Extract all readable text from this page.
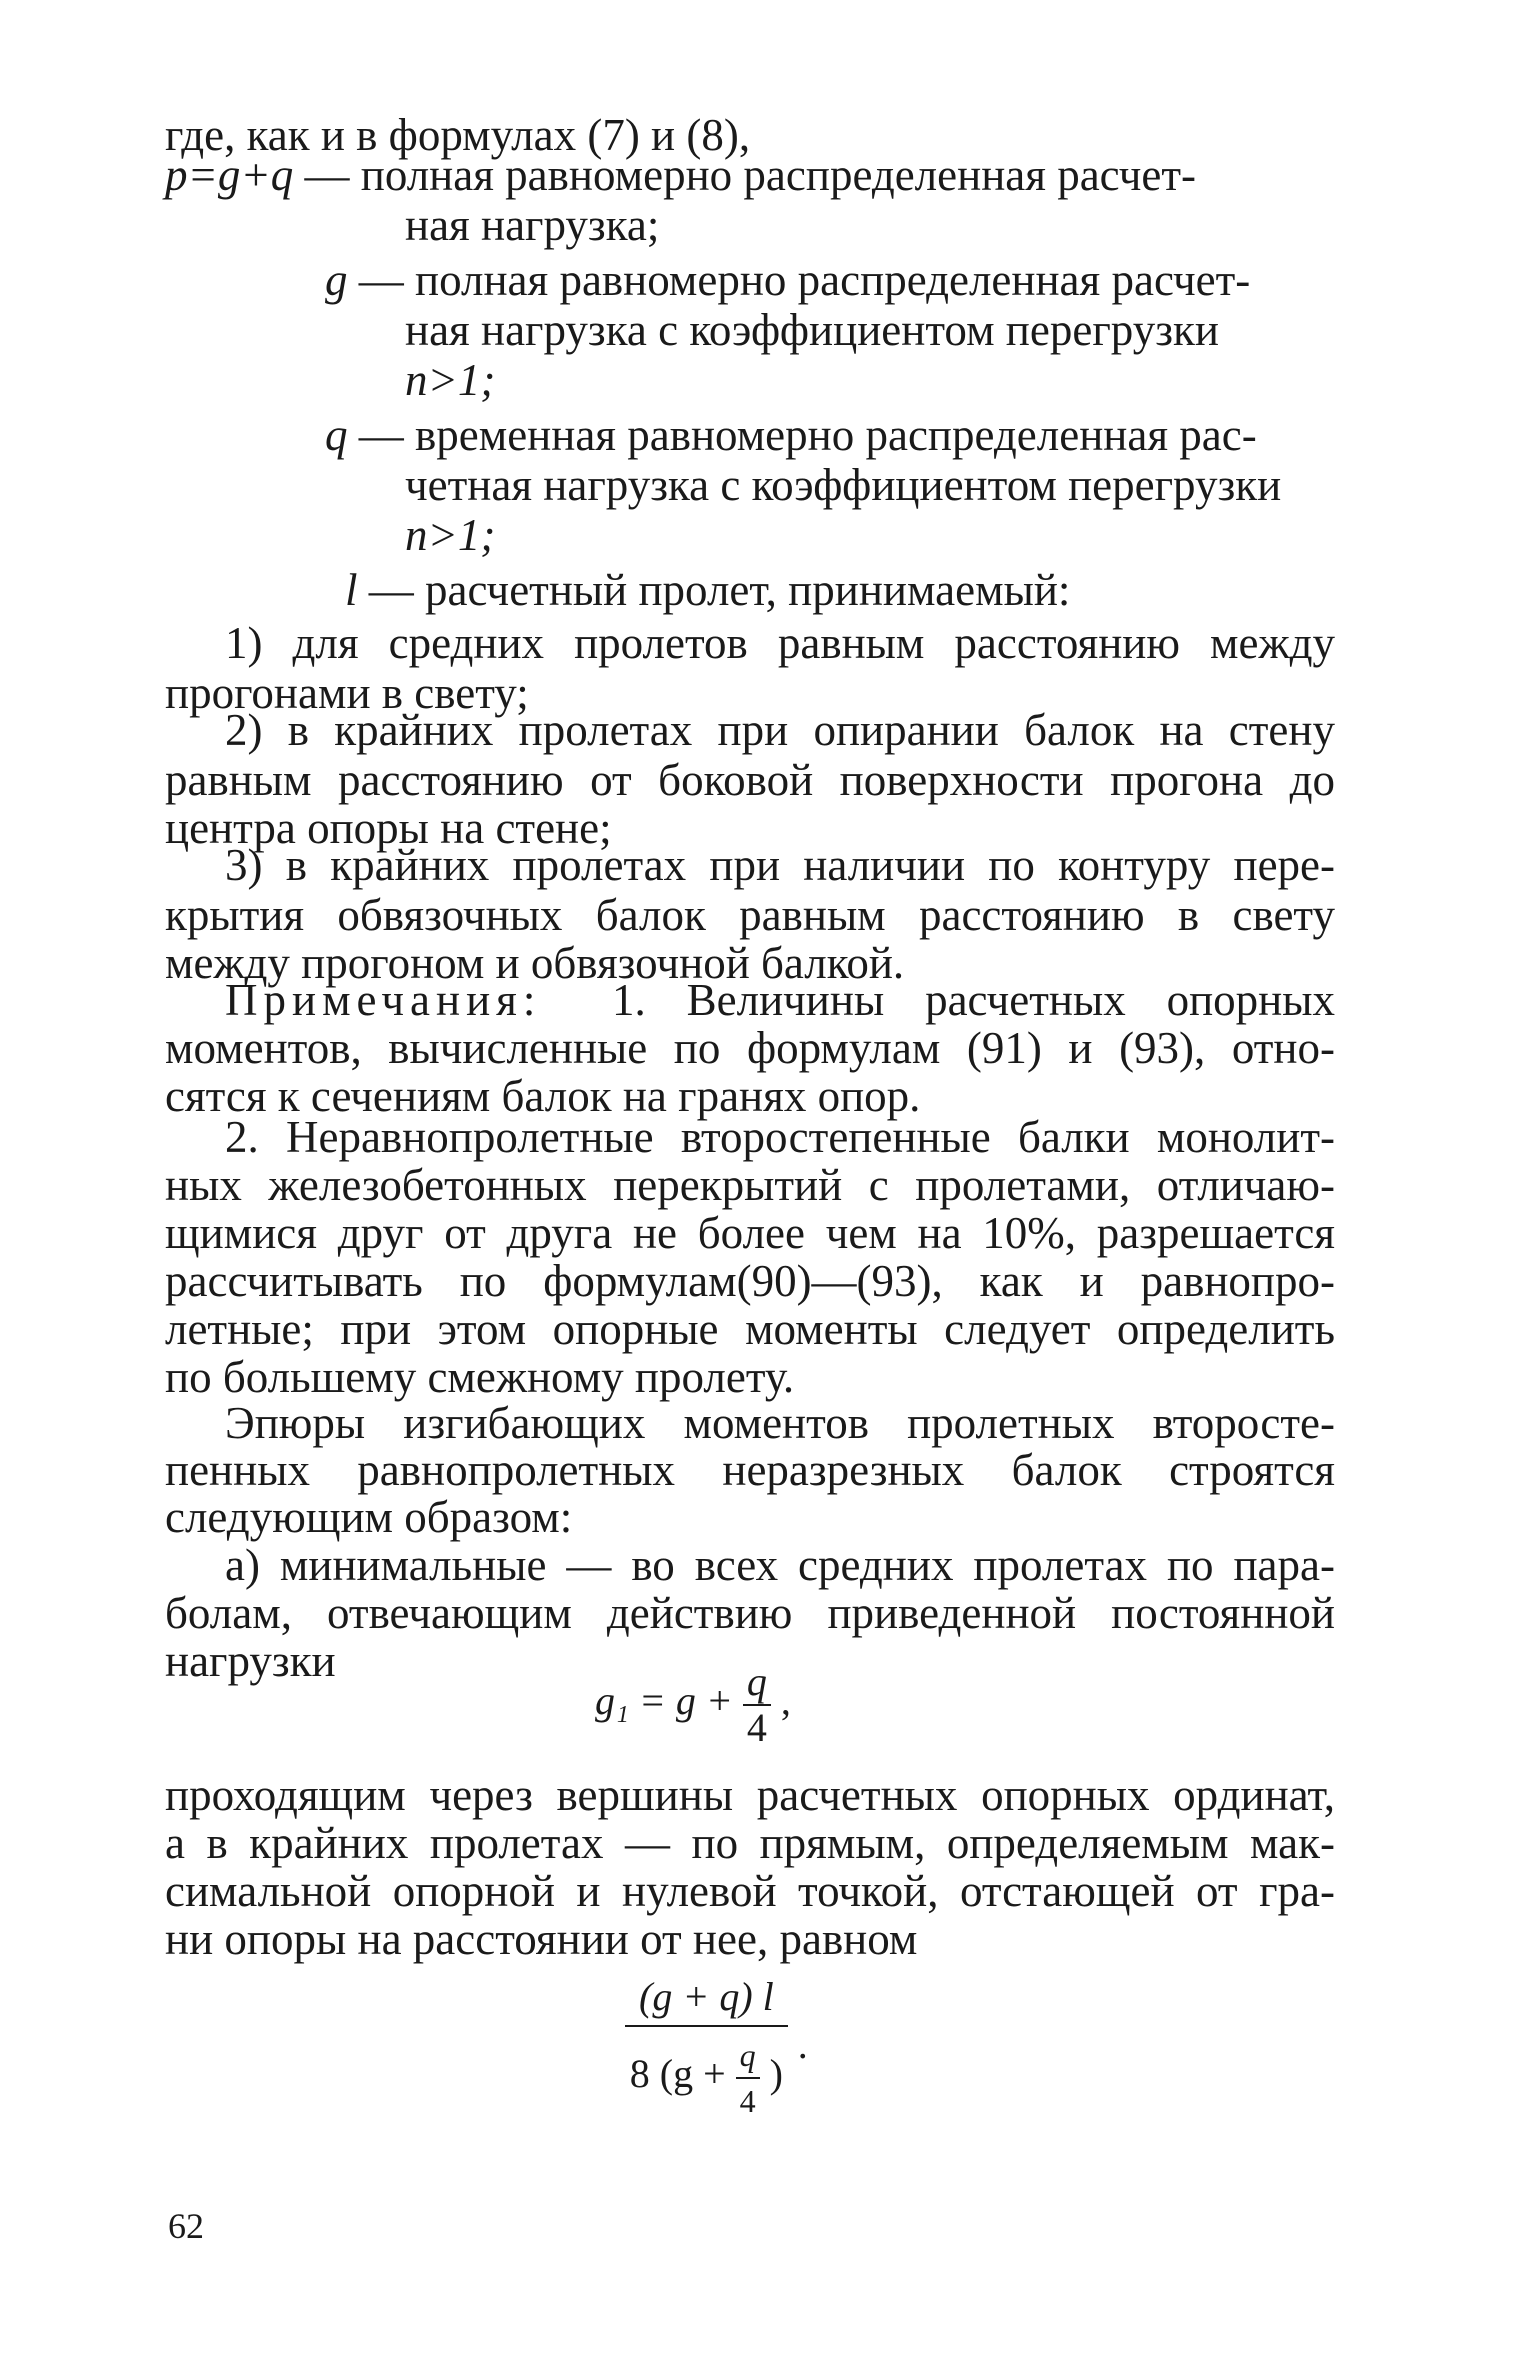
где, как и в формулах (7) и (8),
p=g+q — полная равномерно распределенная расчет-
ная нагрузка;
g — полная равномерно распределенная расчет-
ная нагрузка с коэффициентом перегрузки
n>1;
q — временная равномерно распределенная рас-
четная нагрузка с коэффициентом перегрузки
n>1;
l — расчетный пролет, принимаемый:
1) для средних пролетов равным расстоянию между
прогонами в свету;
2) в крайних пролетах при опирании балок на стену
равным расстоянию от боковой поверхности прогона до
центра опоры на стене;
3) в крайних пролетах при наличии по контуру пере-
крытия обвязочных балок равным расстоянию в свету
между прогоном и обвязочной балкой.
Примечания: 1. Величины расчетных опорных
моментов, вычисленные по формулам (91) и (93), отно-
сятся к сечениям балок на гранях опор.
2. Неравнопролетные второстепенные балки монолит-
ных железобетонных перекрытий с пролетами, отличаю-
щимися друг от друга не более чем на 10%, разрешается
рассчитывать по формулам(90)—(93), как и равнопро-
летные; при этом опорные моменты следует определить
по большему смежному пролету.
Эпюры изгибающих моментов пролетных второсте-
пенных равнопролетных неразрезных балок строятся
следующим образом:
а) минимальные — во всех средних пролетах по пара-
болам, отвечающим действию приведенной постоянной
нагрузки
$g_1 = g + \frac{q}{4}$ ,
проходящим через вершины расчетных опорных ординат,
а в крайних пролетах — по прямым, определяемым мак-
симальной опорной и нулевой точкой, отстающей от гра-
ни опоры на расстоянии от нее, равном
$\frac{(g + q) l}{8 (g + \frac{q}{4} )}$ .
62
